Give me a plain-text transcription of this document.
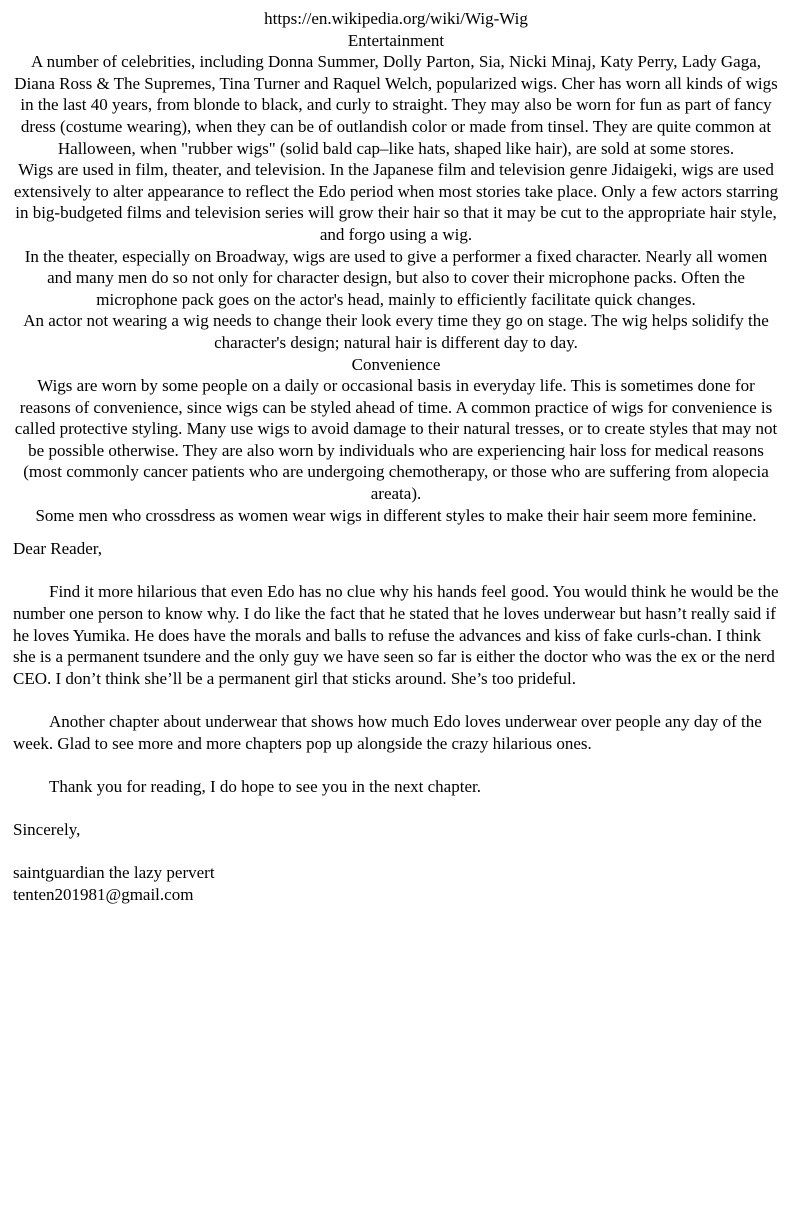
https://en.wikipedia.org/wiki/Wig-Wig
Entertainment

A number of celebrities, including Donna Summer, Dolly Parton, Sia, Nicki Minaj, Katy Perry, Lady Gaga, Diana Ross & The Supremes, Tina Turner and Raquel Welch, popularized wigs. Cher has worn all kinds of wigs in the last 40 years, from blonde to black, and curly to straight. They may also be worn for fun as part of fancy dress (costume wearing), when they can be of outlandish color or made from tinsel. They are quite common at Halloween, when "rubber wigs" (solid bald cap–like hats, shaped like hair), are sold at some stores.

Wigs are used in film, theater, and television. In the Japanese film and television genre Jidaigeki, wigs are used extensively to alter appearance to reflect the Edo period when most stories take place. Only a few actors starring in big-budgeted films and television series will grow their hair so that it may be cut to the appropriate hair style, and forgo using a wig.

In the theater, especially on Broadway, wigs are used to give a performer a fixed character. Nearly all women and many men do so not only for character design, but also to cover their microphone packs. Often the microphone pack goes on the actor's head, mainly to efficiently facilitate quick changes.

An actor not wearing a wig needs to change their look every time they go on stage. The wig helps solidify the character's design; natural hair is different day to day.

Convenience

Wigs are worn by some people on a daily or occasional basis in everyday life. This is sometimes done for reasons of convenience, since wigs can be styled ahead of time. A common practice of wigs for convenience is called protective styling. Many use wigs to avoid damage to their natural tresses, or to create styles that may not be possible otherwise. They are also worn by individuals who are experiencing hair loss for medical reasons (most commonly cancer patients who are undergoing chemotherapy, or those who are suffering from alopecia areata).

Some men who crossdress as women wear wigs in different styles to make their hair seem more feminine.

Dear Reader,

Find it more hilarious that even Edo has no clue why his hands feel good. You would think he would be the number one person to know why. I do like the fact that he stated that he loves underwear but hasn’t really said if he loves Yumika. He does have the morals and balls to refuse the advances and kiss of fake curls-chan. I think she is a permanent tsundere and the only guy we have seen so far is either the doctor who was the ex or the nerd CEO. I don’t think she’ll be a permanent girl that sticks around. She’s too prideful.

Another chapter about underwear that shows how much Edo loves underwear over people any day of the week. Glad to see more and more chapters pop up alongside the crazy hilarious ones.

Thank you for reading, I do hope to see you in the next chapter.

Sincerely,

saintguardian the lazy pervert
tenten201981@gmail.com
